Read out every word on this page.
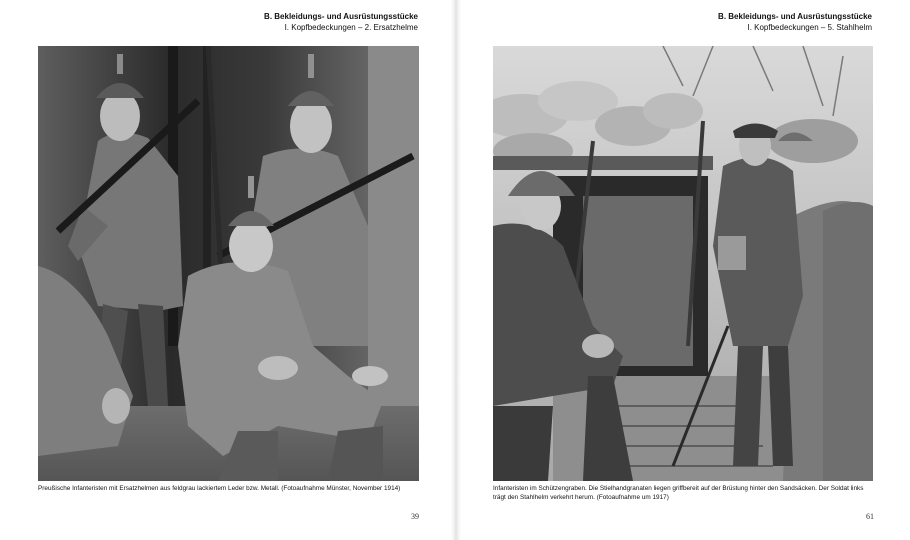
B. Bekleidungs- und Ausrüstungsstücke
I. Kopfbedeckungen – 2. Ersatzhelme
Preußische Infanteristen mit Ersatzhelmen aus feldgrau lackiertem Leder bzw. Metall. (Fotoaufnahme Münster, November 1914)
39
B. Bekleidungs- und Ausrüstungsstücke
I. Kopfbedeckungen – 5. Stahlhelm
Infanteristen im Schützengraben. Die Stielhandgranaten liegen griffbereit auf der Brüstung hinter den Sandsäcken. Der Soldat links trägt den Stahlhelm verkehrt herum. (Fotoaufnahme um 1917)
61
